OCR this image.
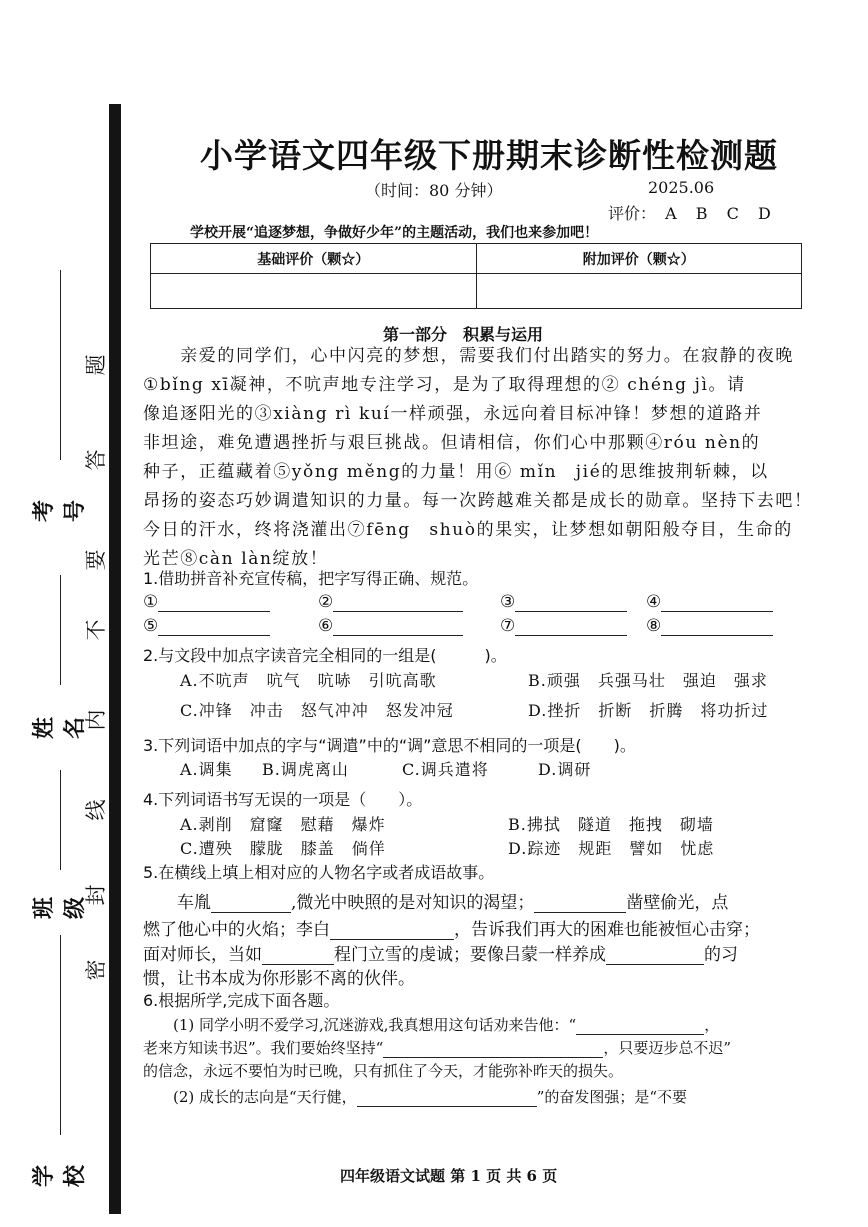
考号
姓名
班级
学校
题
答
要
不
内
线
封
密
小学语文四年级下册期末诊断性检测题
（时间：80 分钟）	2025.06
评价： A B C D
学校开展“追逐梦想，争做好少年”的主题活动，我们也来参加吧！
基础评价（颗☆）	附加评价（颗☆）

第一部分　积累与运用
　　亲爱的同学们，心中闪亮的梦想，需要我们付出踏实的努力。在寂静的夜晚
①bǐng xī凝神，不吭声地专注学习，是为了取得理想的② chéng jì。请
像追逐阳光的③xiàng rì kuí一样顽强，永远向着目标冲锋！梦想的道路并
非坦途，难免遭遇挫折与艰巨挑战。但请相信，你们心中那颗④róu nèn的
种子，正蕴藏着⑤yǒng měng的力量！用⑥ mǐn　jié的思维披荆斩棘，以
昂扬的姿态巧妙调遣知识的力量。每一次跨越难关都是成长的勋章。坚持下去吧！
今日的汗水，终将浇灌出⑦fēng　shuò的果实，让梦想如朝阳般夺目，生命的
光芒⑧càn làn绽放！
1.借助拼音补充宣传稿，把字写得正确、规范。
①	②	③	④
⑤	⑥	⑦	⑧
2.与文段中加点字读音完全相同的一组是(　　　)。
A.不吭声　吭气　吭哧　引吭高歌	B.顽强　兵强马壮　强迫　强求
C.冲锋　冲击　怒气冲冲　怒发冲冠	D.挫折　折断　折腾　将功折过
3.下列词语中加点的字与“调遣”中的“调”意思不相同的一项是(　　)。
A.调集 B.调虎离山	C.调兵遣将	D.调研
4.下列词语书写无误的一项是（　　）。
A.剥削　窟窿　慰藉　爆炸	B.拂拭　隧道　拖拽　砌墙
C.遭殃　朦胧　膝盖　倘佯	D.踪迹　规距　譬如　忧虑
5.在横线上填上相对应的人物名字或者成语故事。
　　车胤	,微光中映照的是对知识的渴望；	凿壁偷光，点
燃了他心中的火焰；李白	，告诉我们再大的困难也能被恒心击穿；
面对师长，当如	程门立雪的虔诚；要像吕蒙一样养成	的习
惯，让书本成为你形影不离的伙伴。
6.根据所学,完成下面各题。
　　(1) 同学小明不爱学习,沉迷游戏,我真想用这句话劝来告他：“	，
老来方知读书迟”。我们要始终坚持“	，只要迈步总不迟”
的信念，永远不要怕为时已晚，只有抓住了今天，才能弥补昨天的损失。
　　(2) 成长的志向是“天行健，	”的奋发图强；是“不要
四年级语文试题 第 1 页 共 6 页
